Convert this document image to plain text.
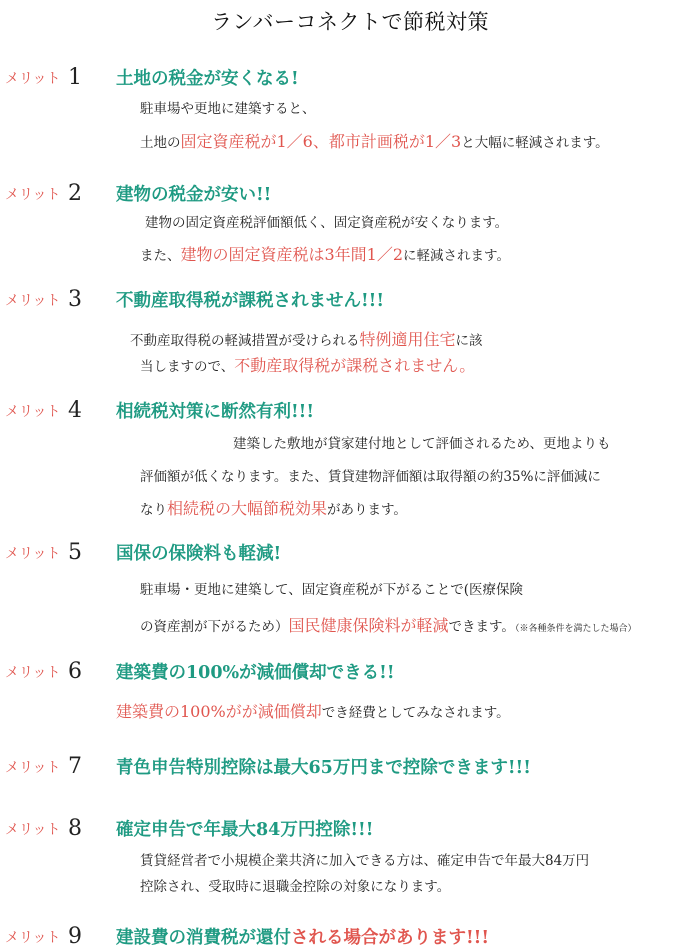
ランバーコネクトで節税対策
メリット 1 土地の税金が安くなる!
駐車場や更地に建築すると、
土地の固定資産税が1／6、都市計画税が1／3と大幅に軽減されます。
メリット 2 建物の税金が安い!!
建物の固定資産税評価額低く、固定資産税が安くなります。
また、建物の固定資産税は3年間1／2に軽減されます。
メリット 3 不動産取得税が課税されません!!!
不動産取得税の軽減措置が受けられる特例適用住宅に該
当しますので、不動産取得税が課税されません。
メリット 4 相続税対策に断然有利!!!
建築した敷地が貸家建付地として評価されるため、更地よりも
評価額が低くなります。また、賃貸建物評価額は取得額の約35%に評価減に
なり相続税の大幅節税効果があります。
メリット 5 国保の保険料も軽減!
駐車場・更地に建築して、固定資産税が下がることで(医療保険
の資産割が下がるため）国民健康保険料が軽減できます。（※各種条件を満たした場合）
メリット 6 建築費の100%が減価償却できる!!
建築費の100%がが減価償却でき経費としてみなされます。
メリット 7 青色申告特別控除は最大65万円まで控除できます!!!
メリット 8 確定申告で年最大84万円控除!!!
賃貸経営者で小規模企業共済に加入できる方は、確定申告で年最大84万円
控除され、受取時に退職金控除の対象になります。
メリット 9 建設費の消費税が還付される場合があります!!!
